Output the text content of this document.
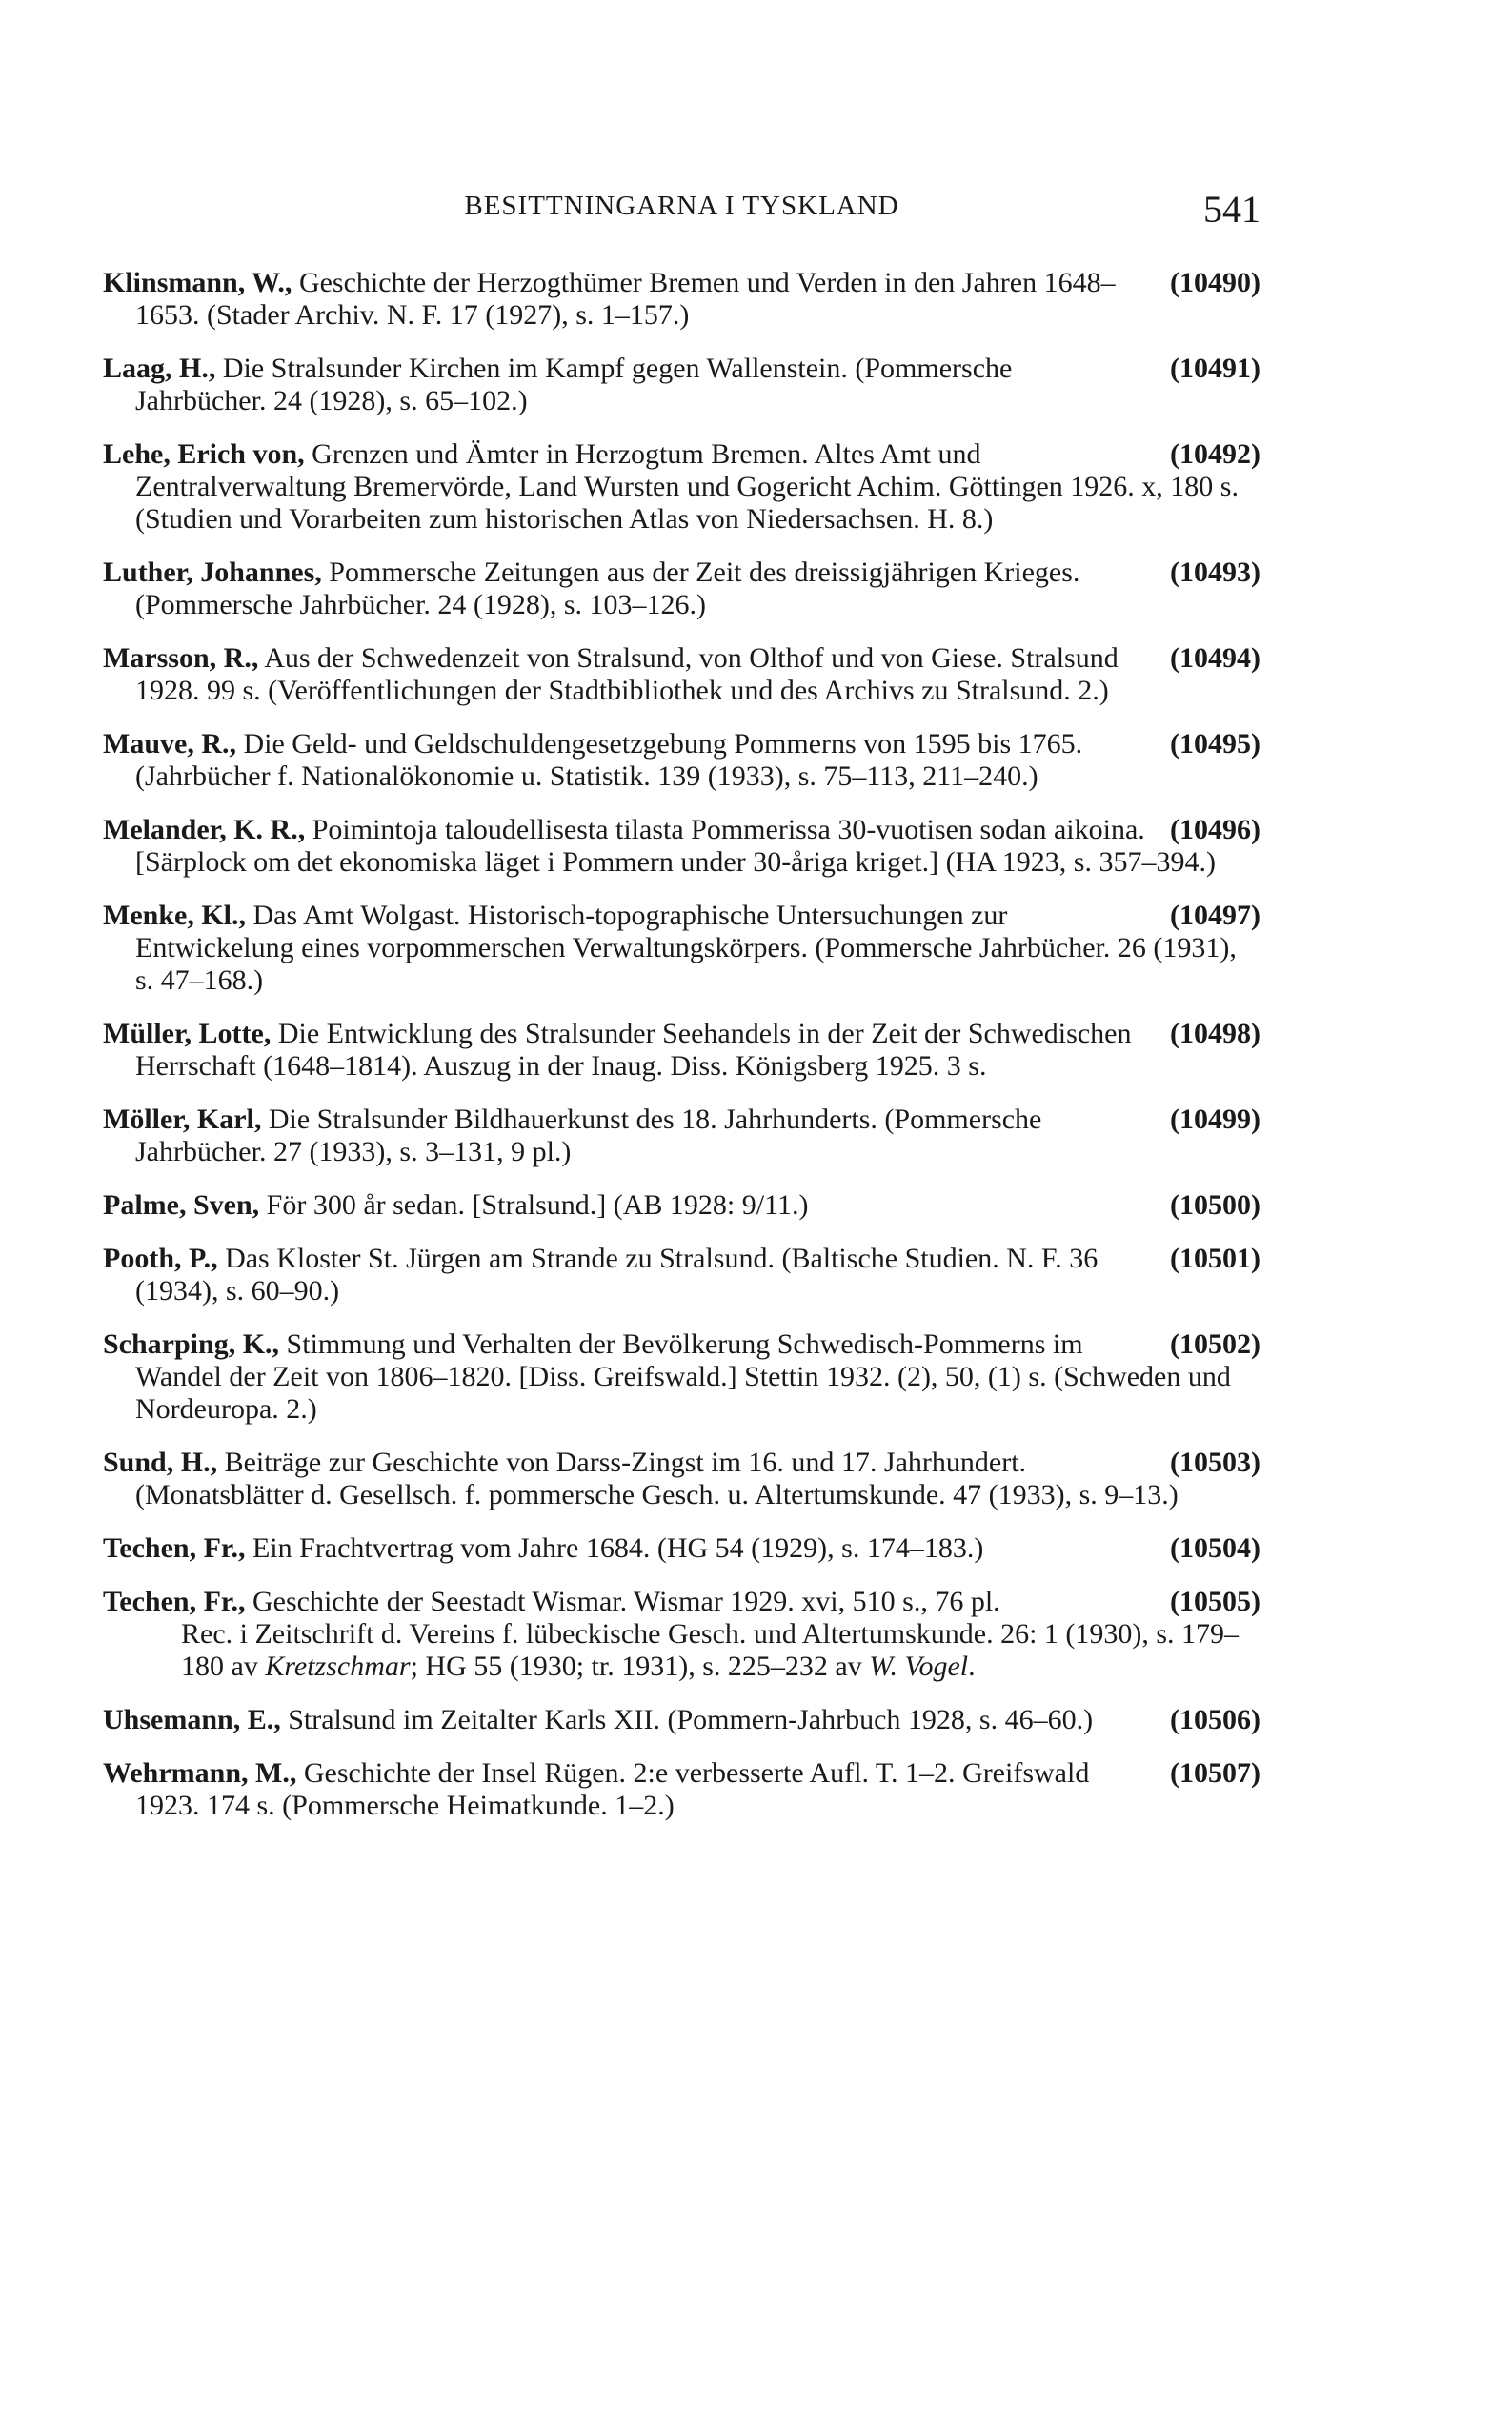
BESITTNINGARNA I TYSKLAND	541
(10490)
Klinsmann, W., Geschichte der Herzogthümer Bremen und Verden in den Jahren 1648–1653. (Stader Archiv. N. F. 17 (1927), s. 1–157.)
(10491)
Laag, H., Die Stralsunder Kirchen im Kampf gegen Wallenstein. (Pommersche Jahrbücher. 24 (1928), s. 65–102.)
(10492)
Lehe, Erich von, Grenzen und Ämter in Herzogtum Bremen. Altes Amt und Zentralverwaltung Bremervörde, Land Wursten und Gogericht Achim. Göttingen 1926. x, 180 s. (Studien und Vorarbeiten zum historischen Atlas von Niedersachsen. H. 8.)
(10493)
Luther, Johannes, Pommersche Zeitungen aus der Zeit des dreissigjährigen Krieges. (Pommersche Jahrbücher. 24 (1928), s. 103–126.)
(10494)
Marsson, R., Aus der Schwedenzeit von Stralsund, von Olthof und von Giese. Stralsund 1928. 99 s. (Veröffentlichungen der Stadtbibliothek und des Archivs zu Stralsund. 2.)
(10495)
Mauve, R., Die Geld- und Geldschuldengesetzgebung Pommerns von 1595 bis 1765. (Jahrbücher f. Nationalökonomie u. Statistik. 139 (1933), s. 75–113, 211–240.)
(10496)
Melander, K. R., Poimintoja taloudellisesta tilasta Pommerissa 30-vuotisen sodan aikoina. [Särplock om det ekonomiska läget i Pommern under 30-åriga kriget.] (HA 1923, s. 357–394.)
(10497)
Menke, Kl., Das Amt Wolgast. Historisch-topographische Untersuchungen zur Entwickelung eines vorpommerschen Verwaltungskörpers. (Pommersche Jahrbücher. 26 (1931), s. 47–168.)
(10498)
Müller, Lotte, Die Entwicklung des Stralsunder Seehandels in der Zeit der Schwedischen Herrschaft (1648–1814). Auszug in der Inaug. Diss. Königsberg 1925. 3 s.
(10499)
Möller, Karl, Die Stralsunder Bildhauerkunst des 18. Jahrhunderts. (Pommersche Jahrbücher. 27 (1933), s. 3–131, 9 pl.)
(10500)
Palme, Sven, För 300 år sedan. [Stralsund.] (AB 1928: 9/11.)
(10501)
Pooth, P., Das Kloster St. Jürgen am Strande zu Stralsund. (Baltische Studien. N. F. 36 (1934), s. 60–90.)
(10502)
Scharping, K., Stimmung und Verhalten der Bevölkerung Schwedisch-Pommerns im Wandel der Zeit von 1806–1820. [Diss. Greifswald.] Stettin 1932. (2), 50, (1) s. (Schweden und Nordeuropa. 2.)
(10503)
Sund, H., Beiträge zur Geschichte von Darss-Zingst im 16. und 17. Jahrhundert. (Monatsblätter d. Gesellsch. f. pommersche Gesch. u. Altertumskunde. 47 (1933), s. 9–13.)
(10504)
Techen, Fr., Ein Frachtvertrag vom Jahre 1684. (HG 54 (1929), s. 174–183.)
(10505)
Techen, Fr., Geschichte der Seestadt Wismar. Wismar 1929. xvi, 510 s., 76 pl.
Rec. i Zeitschrift d. Vereins f. lübeckische Gesch. und Altertumskunde. 26: 1 (1930), s. 179–180 av Kretzschmar; HG 55 (1930; tr. 1931), s. 225–232 av W. Vogel.
(10506)
Uhsemann, E., Stralsund im Zeitalter Karls XII. (Pommern-Jahrbuch 1928, s. 46–60.)
(10507)
Wehrmann, M., Geschichte der Insel Rügen. 2:e verbesserte Aufl. T. 1–2. Greifswald 1923. 174 s. (Pommersche Heimatkunde. 1–2.)
